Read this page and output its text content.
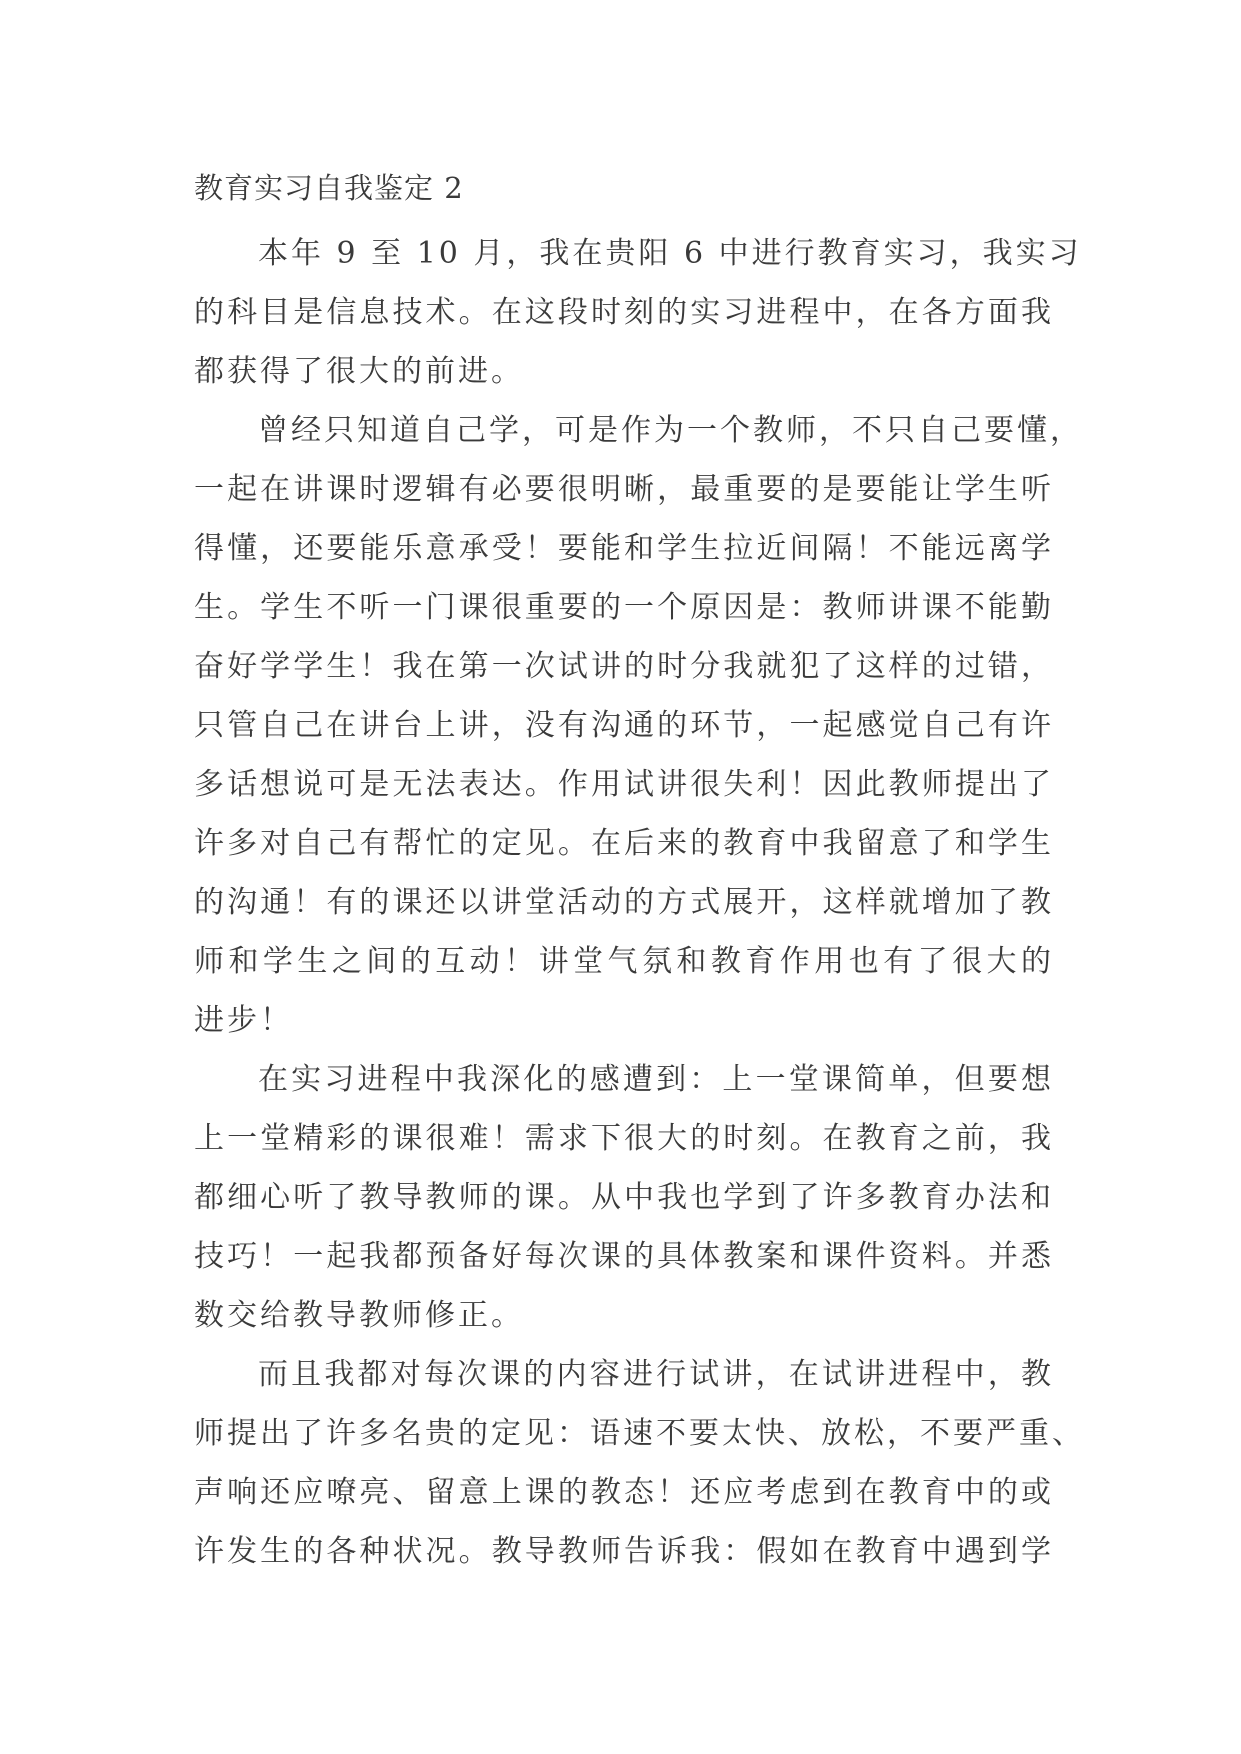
教育实习自我鉴定 2
本年 9 至 10 月，我在贵阳 6 中进行教育实习，我实习
的科目是信息技术。在这段时刻的实习进程中，在各方面我
都获得了很大的前进。
曾经只知道自己学，可是作为一个教师，不只自己要懂，
一起在讲课时逻辑有必要很明晰，最重要的是要能让学生听
得懂，还要能乐意承受！要能和学生拉近间隔！不能远离学
生。学生不听一门课很重要的一个原因是：教师讲课不能勤
奋好学学生！我在第一次试讲的时分我就犯了这样的过错，
只管自己在讲台上讲，没有沟通的环节，一起感觉自己有许
多话想说可是无法表达。作用试讲很失利！因此教师提出了
许多对自己有帮忙的定见。在后来的教育中我留意了和学生
的沟通！有的课还以讲堂活动的方式展开，这样就增加了教
师和学生之间的互动！讲堂气氛和教育作用也有了很大的
进步！
在实习进程中我深化的感遭到：上一堂课简单，但要想
上一堂精彩的课很难！需求下很大的时刻。在教育之前，我
都细心听了教导教师的课。从中我也学到了许多教育办法和
技巧！一起我都预备好每次课的具体教案和课件资料。并悉
数交给教导教师修正。
而且我都对每次课的内容进行试讲，在试讲进程中，教
师提出了许多名贵的定见：语速不要太快、放松，不要严重、
声响还应嘹亮、留意上课的教态！还应考虑到在教育中的或
许发生的各种状况。教导教师告诉我：假如在教育中遇到学
